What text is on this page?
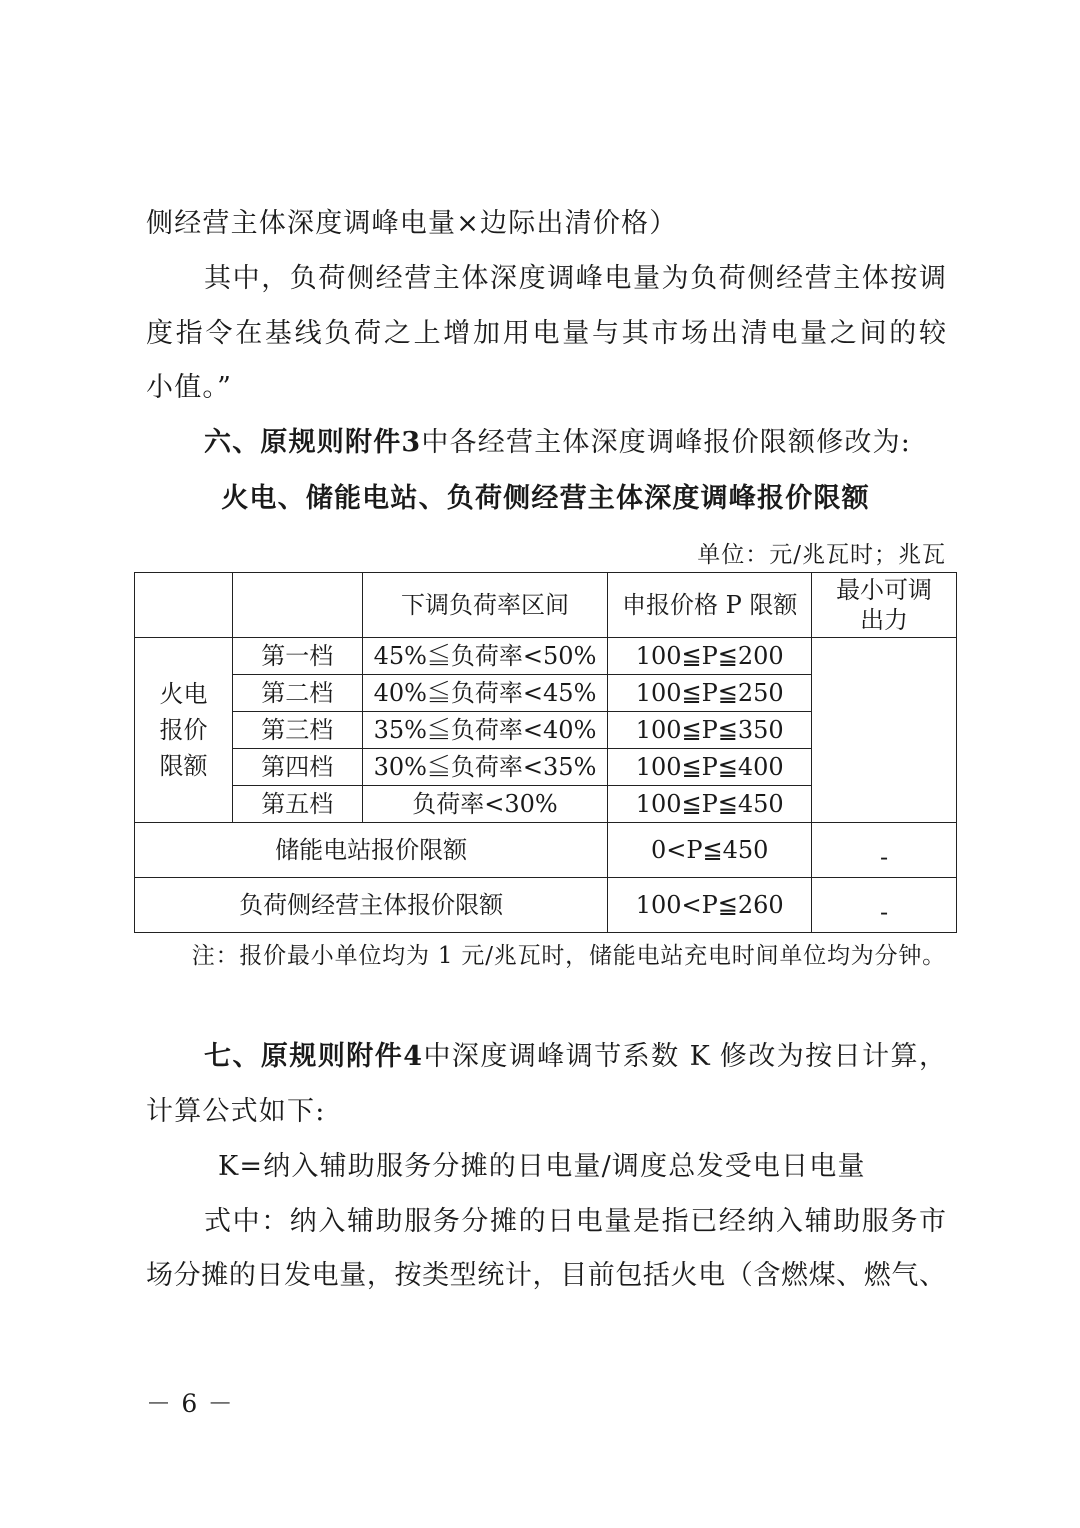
侧经营主体深度调峰电量×边际出清价格）

其中，负荷侧经营主体深度调峰电量为负荷侧经营主体按调

度指令在基线负荷之上增加用电量与其市场出清电量之间的较

小值。”

六、原规则附件3中各经营主体深度调峰报价限额修改为:

火电、储能电站、负荷侧经营主体深度调峰报价限额

单位：元/兆瓦时；兆瓦

		下调负荷率区间	申报价格 P 限额	最小可调出力
火电报价限额	第一档	45%≦负荷率<50%	100≦P≦200	
	第二档	40%≦负荷率<45%	100≦P≦250	
	第三档	35%≦负荷率<40%	100≦P≦350	
	第四档	30%≦负荷率<35%	100≦P≦400	
	第五档	负荷率<30%	100≦P≦450	
储能电站报价限额			0<P≦450	-
负荷侧经营主体报价限额			100<P≦260	-

注：报价最小单位均为 1 元/兆瓦时，储能电站充电时间单位均为分钟。

七、原规则附件4中深度调峰调节系数 K 修改为按日计算，

计算公式如下:

K=纳入辅助服务分摊的日电量/调度总发受电日电量

式中：纳入辅助服务分摊的日电量是指已经纳入辅助服务市

场分摊的日发电量，按类型统计，目前包括火电（含燃煤、燃气、

－ 6 －
